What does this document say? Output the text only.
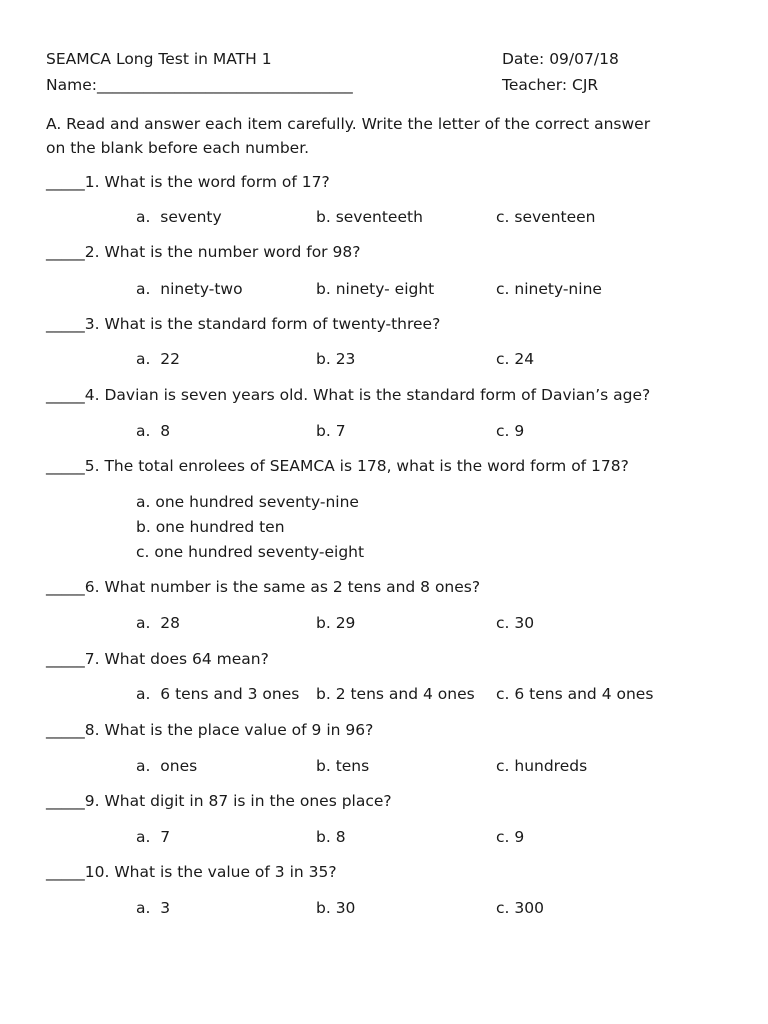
SEAMCA Long Test in MATH 1	Date: 09/07/18
Name:_________________________________	Teacher: CJR
A. Read and answer each item carefully. Write the letter of the correct answer
on the blank before each number.
_____1. What is the word form of 17?
a.  seventy	b. seventeeth	c. seventeen
_____2. What is the number word for 98?
a.  ninety-two	b. ninety- eight	c. ninety-nine
_____3. What is the standard form of twenty-three?
a.  22	b. 23	c. 24
_____4. Davian is seven years old. What is the standard form of Davian’s age?
a.  8	b. 7	c. 9
_____5. The total enrolees of SEAMCA is 178, what is the word form of 178?
a. one hundred seventy-nine
b. one hundred ten
c. one hundred seventy-eight
_____6. What number is the same as 2 tens and 8 ones?
a.  28	b. 29	c. 30
_____7. What does 64 mean?
a.  6 tens and 3 ones	b. 2 tens and 4 ones	c. 6 tens and 4 ones
_____8. What is the place value of 9 in 96?
a.  ones	b. tens	c. hundreds
_____9. What digit in 87 is in the ones place?
a.  7	b. 8	c. 9
_____10. What is the value of 3 in 35?
a.  3	b. 30	c. 300
